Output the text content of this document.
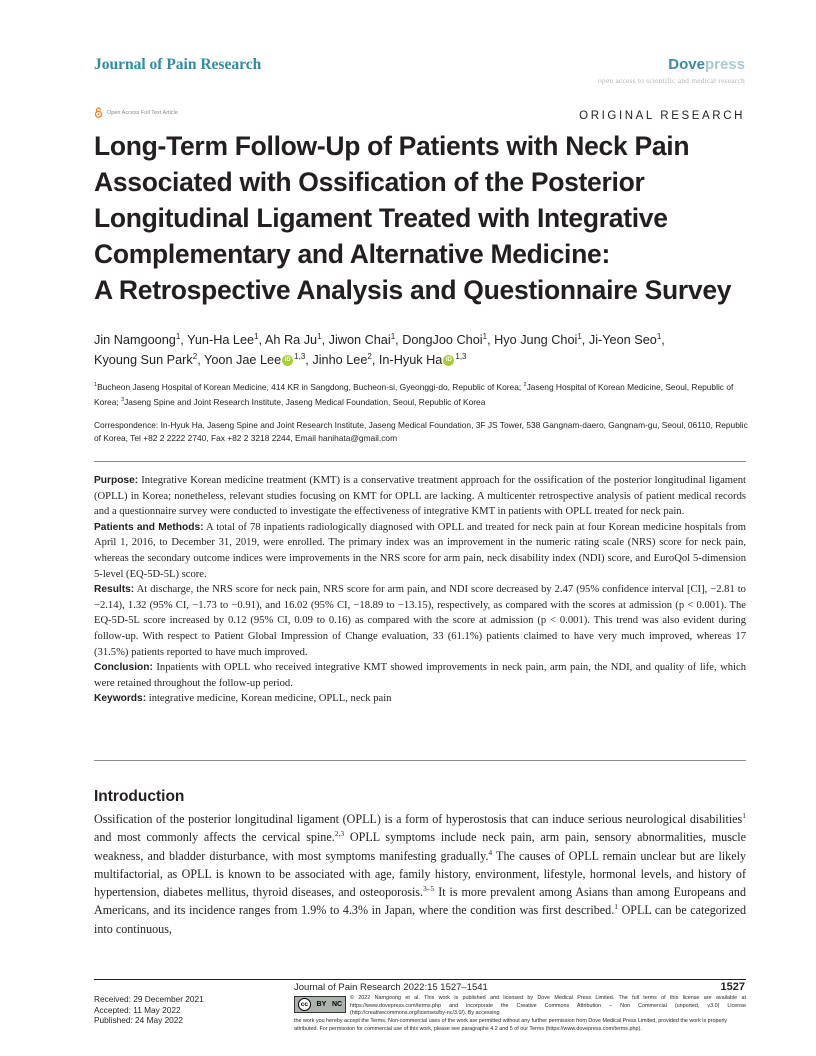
Journal of Pain Research	Dovepress
open access to scientific and medical research
Open Access Full Text Article	ORIGINAL RESEARCH
Long-Term Follow-Up of Patients with Neck Pain
Associated with Ossification of the Posterior
Longitudinal Ligament Treated with Integrative
Complementary and Alternative Medicine:
A Retrospective Analysis and Questionnaire Survey
Jin Namgoong$^1$, Yun-Ha Lee$^1$, Ah Ra Ju$^1$, Jiwon Chai$^1$, DongJoo Choi$^1$, Hyo Jung Choi$^1$, Ji-Yeon Seo$^1$,
Kyoung Sun Park$^2$, Yoon Jae Lee iD $^{1,3}$, Jinho Lee$^2$, In-Hyuk Ha iD $^{1,3}$
$^1$Bucheon Jaseng Hospital of Korean Medicine, 414 KR in Sangdong, Bucheon-si, Gyeonggi-do, Republic of Korea; $^2$Jaseng Hospital of Korean Medicine, Seoul, Republic of Korea; $^3$Jaseng Spine and Joint Research Institute, Jaseng Medical Foundation, Seoul, Republic of Korea
Correspondence: In-Hyuk Ha, Jaseng Spine and Joint Research Institute, Jaseng Medical Foundation, 3F JS Tower, 538 Gangnam-daero, Gangnam-gu, Seoul, 06110, Republic of Korea, Tel +82 2 2222 2740, Fax +82 2 3218 2244, Email hanihata@gmail.com

Purpose: Integrative Korean medicine treatment (KMT) is a conservative treatment approach for the ossification of the posterior longitudinal ligament (OPLL) in Korea; nonetheless, relevant studies focusing on KMT for OPLL are lacking. A multicenter retrospective analysis of patient medical records and a questionnaire survey were conducted to investigate the effectiveness of integrative KMT in patients with OPLL treated for neck pain.

Patients and Methods: A total of 78 inpatients radiologically diagnosed with OPLL and treated for neck pain at four Korean medicine hospitals from April 1, 2016, to December 31, 2019, were enrolled. The primary index was an improvement in the numeric rating scale (NRS) score for neck pain, whereas the secondary outcome indices were improvements in the NRS score for arm pain, neck disability index (NDI) score, and EuroQol 5-dimension 5-level (EQ-5D-5L) score.

Results: At discharge, the NRS score for neck pain, NRS score for arm pain, and NDI score decreased by 2.47 (95% confidence interval [CI], −2.81 to −2.14), 1.32 (95% CI, −1.73 to −0.91), and 16.02 (95% CI, −18.89 to −13.15), respectively, as compared with the scores at admission (p < 0.001). The EQ-5D-5L score increased by 0.12 (95% CI, 0.09 to 0.16) as compared with the score at admission (p < 0.001). This trend was also evident during follow-up. With respect to Patient Global Impression of Change evaluation, 33 (61.1%) patients claimed to have very much improved, whereas 17 (31.5%) patients reported to have much improved.

Conclusion: Inpatients with OPLL who received integrative KMT showed improvements in neck pain, arm pain, the NDI, and quality of life, which were retained throughout the follow-up period.

Keywords: integrative medicine, Korean medicine, OPLL, neck pain

Introduction

Ossification of the posterior longitudinal ligament (OPLL) is a form of hyperostosis that can induce serious neurological disabilities$^1$ and most commonly affects the cervical spine.$^{2,3}$ OPLL symptoms include neck pain, arm pain, sensory abnormalities, muscle weakness, and bladder disturbance, with most symptoms manifesting gradually.$^4$ The causes of OPLL remain unclear but are likely multifactorial, as OPLL is known to be associated with age, family history, environment, lifestyle, hormonal levels, and history of hypertension, diabetes mellitus, thyroid diseases, and osteoporosis.$^{3-5}$ It is more prevalent among Asians than among Europeans and Americans, and its incidence ranges from 1.9% to 4.3% in Japan, where the condition was first described.$^1$ OPLL can be categorized into continuous,

Journal of Pain Research 2022:15 1527–1541	1527
Received: 29 December 2021
Accepted: 11 May 2022
Published: 24 May 2022
cc	BY NC
© 2022 Namgoong et al. This work is published and licensed by Dove Medical Press Limited. The full terms of this license are available at https://www.dovepress.com/terms.php and incorporate the Creative Commons Attribution – Non Commercial (unported, v3.0) License (http://creativecommons.org/licenses/by-nc/3.0/). By accessing
the work you hereby accept the Terms. Non-commercial uses of the work are permitted without any further permission from Dove Medical Press Limited, provided the work is properly attributed. For permission for commercial use of this work, please see paragraphs 4.2 and 5 of our Terms (https://www.dovepress.com/terms.php).
